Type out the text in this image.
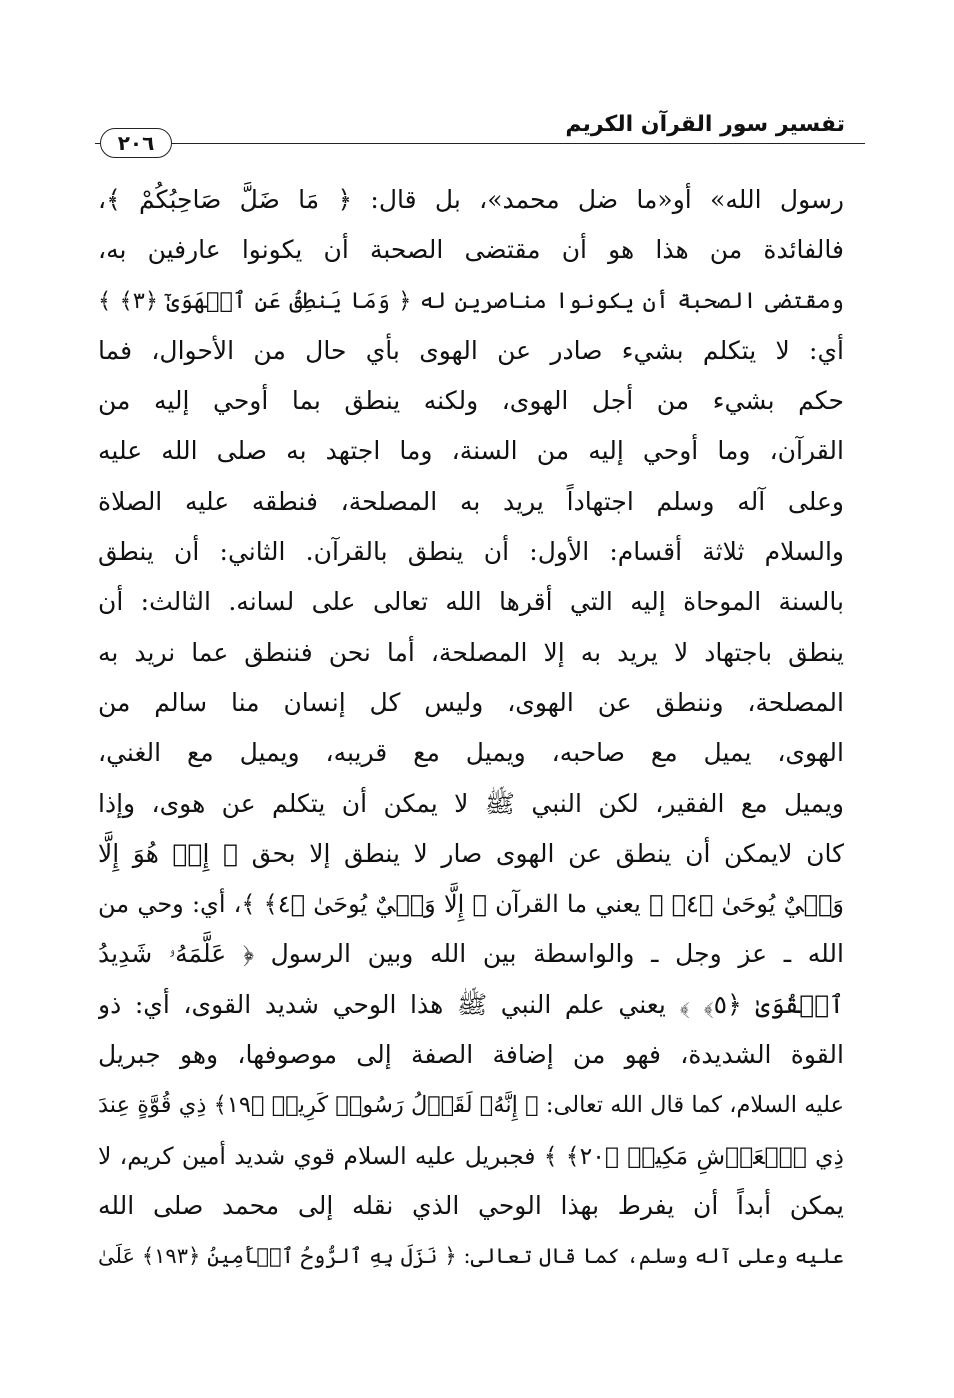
تفسير سور القرآن الكريم
٢٠٦
رسول الله» أو«ما ضل محمد»، بل قال: ﴿ مَا ضَلَّ صَاحِبُكُمْ ﴾،
فالفائدة من هذا هو أن مقتضى الصحبة أن يكونوا عارفين به،
ومقتضى الصحبة أن يكونوا مناصرين له ﴿ وَمَا يَنطِقُ عَنِ ٱلۡهَوَىٰٓ ﴿٣﴾ ﴾
أي: لا يتكلم بشيء صادر عن الهوى بأي حال من الأحوال، فما
حكم بشيء من أجل الهوى، ولكنه ينطق بما أوحي إليه من
القرآن، وما أوحي إليه من السنة، وما اجتهد به صلى الله عليه
وعلى آله وسلم اجتهاداً يريد به المصلحة، فنطقه عليه الصلاة
والسلام ثلاثة أقسام: الأول: أن ينطق بالقرآن. الثاني: أن ينطق
بالسنة الموحاة إليه التي أقرها الله تعالى على لسانه. الثالث: أن
ينطق باجتهاد لا يريد به إلا المصلحة، أما نحن فننطق عما نريد به
المصلحة، وننطق عن الهوى، وليس كل إنسان منا سالم من
الهوى، يميل مع صاحبه، ويميل مع قريبه، ويميل مع الغني،
ويميل مع الفقير، لكن النبي ﷺ لا يمكن أن يتكلم عن هوى، وإذا
كان لايمكن أن ينطق عن الهوى صار لا ينطق إلا بحق ﴿ إِنۡ هُوَ إِلَّا
وَحۡيٌ يُوحَىٰ ﴿٤﴾ ﴾ يعني ما القرآن ﴿ إِلَّا وَحۡيٌ يُوحَىٰ ﴿٤﴾ ﴾، أي: وحي من
الله ـ عز وجل ـ والواسطة بين الله وبين الرسول ﴿ عَلَّمَهُۥ شَدِيدُ
ٱلۡقُوَىٰ ﴿٥﴾ ﴾ يعني علم النبي ﷺ هذا الوحي شديد القوى، أي: ذو
القوة الشديدة، فهو من إضافة الصفة إلى موصوفها، وهو جبريل
عليه السلام، كما قال الله تعالى: ﴿ إِنَّهُۥ لَقَوۡلُ رَسُولٖ كَرِيمٖ ﴿١٩﴾ ذِي قُوَّةٍ عِندَ
ذِي ٱلۡعَرۡشِ مَكِينٖ ﴿٢٠﴾ ﴾ فجبريل عليه السلام قوي شديد أمين كريم، لا
يمكن أبداً أن يفرط بهذا الوحي الذي نقله إلى محمد صلى الله
عليه وعلى آله وسلم، كما قال تعالى: ﴿ نَزَلَ بِهِ ٱلرُّوحُ ٱلۡأَمِينُ ﴿١٩٣﴾ عَلَىٰ
